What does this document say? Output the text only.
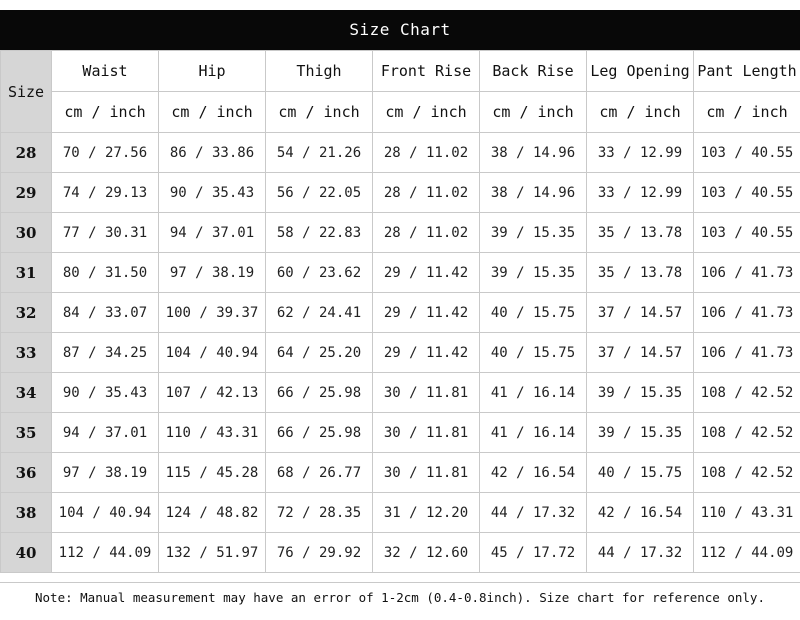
Size Chart
Size	Waist	Hip	Thigh	Front Rise	Back Rise	Leg Opening	Pant Length
	cm / inch	cm / inch	cm / inch	cm / inch	cm / inch	cm / inch	cm / inch
28	70 / 27.56	86 / 33.86	54 / 21.26	28 / 11.02	38 / 14.96	33 / 12.99	103 / 40.55
29	74 / 29.13	90 / 35.43	56 / 22.05	28 / 11.02	38 / 14.96	33 / 12.99	103 / 40.55
30	77 / 30.31	94 / 37.01	58 / 22.83	28 / 11.02	39 / 15.35	35 / 13.78	103 / 40.55
31	80 / 31.50	97 / 38.19	60 / 23.62	29 / 11.42	39 / 15.35	35 / 13.78	106 / 41.73
32	84 / 33.07	100 / 39.37	62 / 24.41	29 / 11.42	40 / 15.75	37 / 14.57	106 / 41.73
33	87 / 34.25	104 / 40.94	64 / 25.20	29 / 11.42	40 / 15.75	37 / 14.57	106 / 41.73
34	90 / 35.43	107 / 42.13	66 / 25.98	30 / 11.81	41 / 16.14	39 / 15.35	108 / 42.52
35	94 / 37.01	110 / 43.31	66 / 25.98	30 / 11.81	41 / 16.14	39 / 15.35	108 / 42.52
36	97 / 38.19	115 / 45.28	68 / 26.77	30 / 11.81	42 / 16.54	40 / 15.75	108 / 42.52
38	104 / 40.94	124 / 48.82	72 / 28.35	31 / 12.20	44 / 17.32	42 / 16.54	110 / 43.31
40	112 / 44.09	132 / 51.97	76 / 29.92	32 / 12.60	45 / 17.72	44 / 17.32	112 / 44.09
Note: Manual measurement may have an error of 1-2cm (0.4-0.8inch). Size chart for reference only.
